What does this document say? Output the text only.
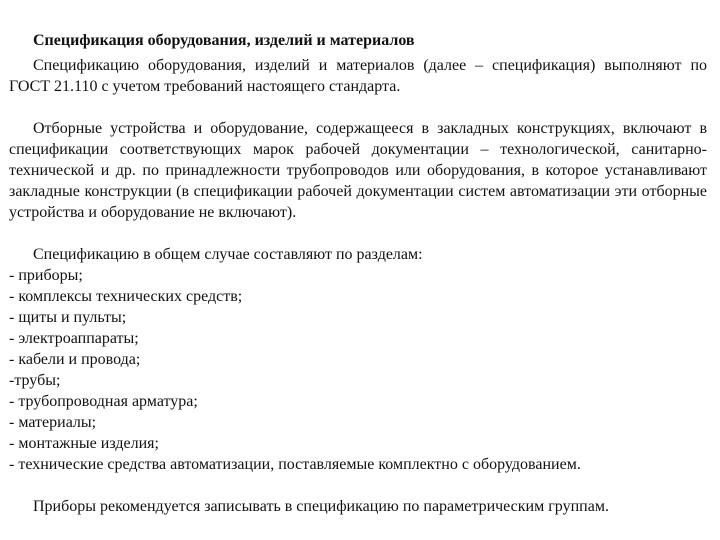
Спецификация оборудования, изделий и материалов

Спецификацию оборудования, изделий и материалов (далее – спецификация) выполняют по ГОСТ 21.110 с учетом требований настоящего стандарта.

Отборные устройства и оборудование, содержащееся в закладных конструкциях, включают в спецификации соответствующих марок рабочей документации – технологической, санитарно-технической и др. по принадлежности трубопроводов или оборудования, в которое устанавливают закладные конструкции (в спецификации рабочей документации систем автоматизации эти отборные устройства и оборудование не включают).

Спецификацию в общем случае составляют по разделам:

- приборы;
- комплексы технических средств;
- щиты и пульты;
- электроаппараты;
- кабели и провода;
-трубы;
- трубопроводная арматура;
- материалы;
- монтажные изделия;
- технические средства автоматизации, поставляемые комплектно с оборудованием.

Приборы рекомендуется записывать в спецификацию по параметрическим группам.
